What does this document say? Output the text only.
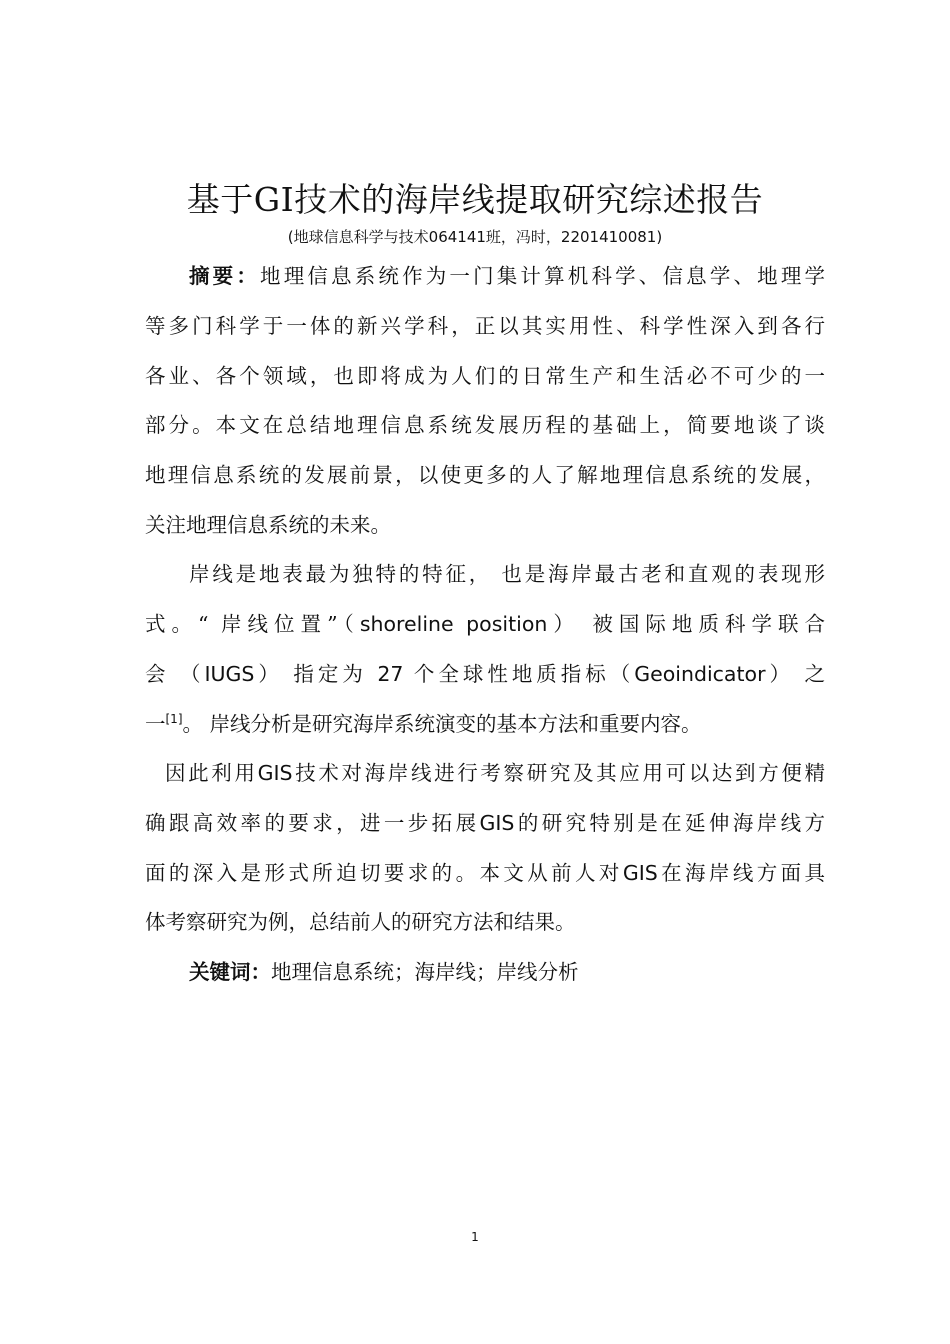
基于GI技术的海岸线提取研究综述报告
(地球信息科学与技术064141班，冯时，2201410081)
摘要：地理信息系统作为一门集计算机科学、信息学、地理学
等多门科学于一体的新兴学科，正以其实用性、科学性深入到各行
各业、各个领域，也即将成为人们的日常生产和生活必不可少的一
部分。本文在总结地理信息系统发展历程的基础上，简要地谈了谈
地理信息系统的发展前景，以使更多的人了解地理信息系统的发展，
关注地理信息系统的未来。
岸线是地表最为独特的特征， 也是海岸最古老和直观的表现形
式。“ 岸线位置”（shoreline position） 被国际地质科学联合
会 （IUGS） 指定为 27 个全球性地质指标（Geoindicator） 之
一[1]。 岸线分析是研究海岸系统演变的基本方法和重要内容。
因此利用GIS技术对海岸线进行考察研究及其应用可以达到方便精
确跟高效率的要求，进一步拓展GIS的研究特别是在延伸海岸线方
面的深入是形式所迫切要求的。本文从前人对GIS在海岸线方面具
体考察研究为例，总结前人的研究方法和结果。
关键词：地理信息系统；海岸线；岸线分析
1
